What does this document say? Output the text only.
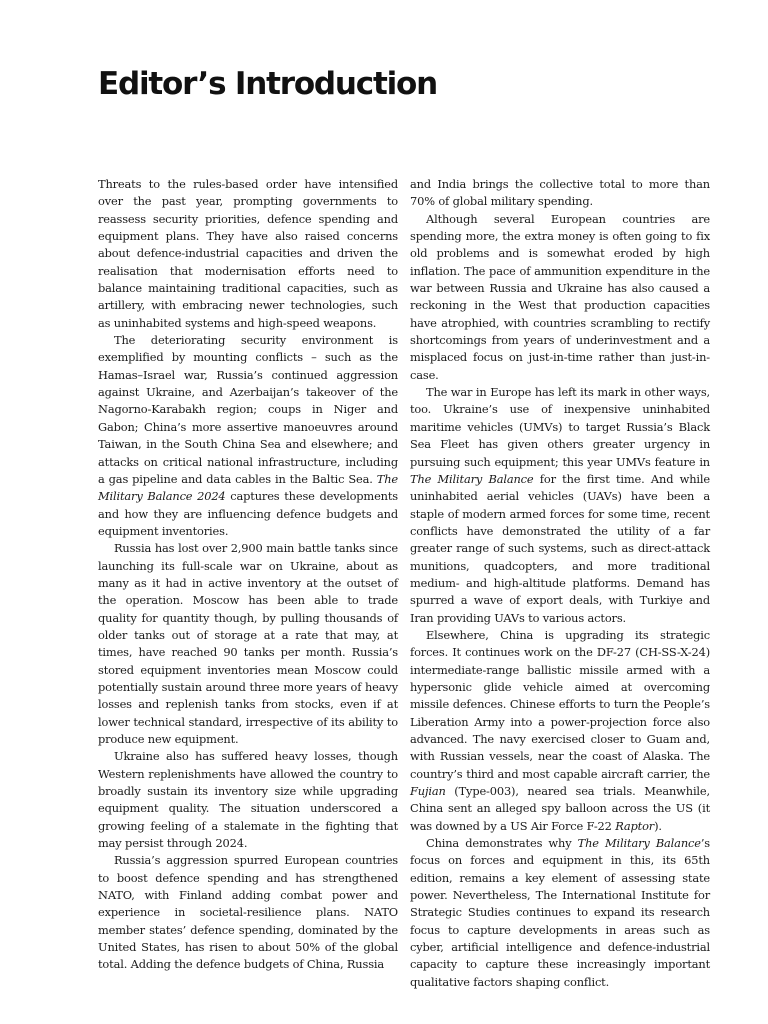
Editor’s Introduction

Threats to the rules-based order have intensified over the past year, prompting governments to reassess security priorities, defence spending and equipment plans. They have also raised concerns about defence-industrial capacities and driven the realisation that modernisation efforts need to balance maintaining traditional capacities, such as artillery, with embracing newer technologies, such as uninhabited systems and high-speed weapons.

The deteriorating security environment is exemplified by mounting conflicts – such as the Hamas–Israel war, Russia’s continued aggression against Ukraine, and Azerbaijan’s takeover of the Nagorno-Karabakh region; coups in Niger and Gabon; China’s more assertive manoeuvres around Taiwan, in the South China Sea and elsewhere; and attacks on critical national infrastructure, including a gas pipeline and data cables in the Baltic Sea. The Military Balance 2024 captures these developments and how they are influencing defence budgets and equipment inventories.

Russia has lost over 2,900 main battle tanks since launching its full-scale war on Ukraine, about as many as it had in active inventory at the outset of the operation. Moscow has been able to trade quality for quantity though, by pulling thousands of older tanks out of storage at a rate that may, at times, have reached 90 tanks per month. Russia’s stored equipment inventories mean Moscow could potentially sustain around three more years of heavy losses and replenish tanks from stocks, even if at lower technical standard, irrespective of its ability to produce new equipment.

Ukraine also has suffered heavy losses, though Western replenishments have allowed the country to broadly sustain its inventory size while upgrading equipment quality. The situation underscored a growing feeling of a stalemate in the fighting that may persist through 2024.

Russia’s aggression spurred European countries to boost defence spending and has strengthened NATO, with Finland adding combat power and experience in societal-resilience plans. NATO member states’ defence spending, dominated by the United States, has risen to about 50% of the global total. Adding the defence budgets of China, Russia

and India brings the collective total to more than 70% of global military spending.

Although several European countries are spending more, the extra money is often going to fix old problems and is somewhat eroded by high inflation. The pace of ammunition expenditure in the war between Russia and Ukraine has also caused a reckoning in the West that production capacities have atrophied, with countries scrambling to rectify shortcomings from years of underinvestment and a misplaced focus on just-in-time rather than just-in-case.

The war in Europe has left its mark in other ways, too. Ukraine’s use of inexpensive uninhabited maritime vehicles (UMVs) to target Russia’s Black Sea Fleet has given others greater urgency in pursuing such equipment; this year UMVs feature in The Military Balance for the first time. And while uninhabited aerial vehicles (UAVs) have been a staple of modern armed forces for some time, recent conflicts have demonstrated the utility of a far greater range of such systems, such as direct-attack munitions, quadcopters, and more traditional medium- and high-altitude platforms. Demand has spurred a wave of export deals, with Turkiye and Iran providing UAVs to various actors.

Elsewhere, China is upgrading its strategic forces. It continues work on the DF-27 (CH-SS-X-24) intermediate-range ballistic missile armed with a hypersonic glide vehicle aimed at overcoming missile defences. Chinese efforts to turn the People’s Liberation Army into a power-projection force also advanced. The navy exercised closer to Guam and, with Russian vessels, near the coast of Alaska. The country’s third and most capable aircraft carrier, the Fujian (Type-003), neared sea trials. Meanwhile, China sent an alleged spy balloon across the US (it was downed by a US Air Force F-22 Raptor).

China demonstrates why The Military Balance’s focus on forces and equipment in this, its 65th edition, remains a key element of assessing state power. Nevertheless, The International Institute for Strategic Studies continues to expand its research focus to capture developments in areas such as cyber, artificial intelligence and defence-industrial capacity to capture these increasingly important qualitative factors shaping conflict.
